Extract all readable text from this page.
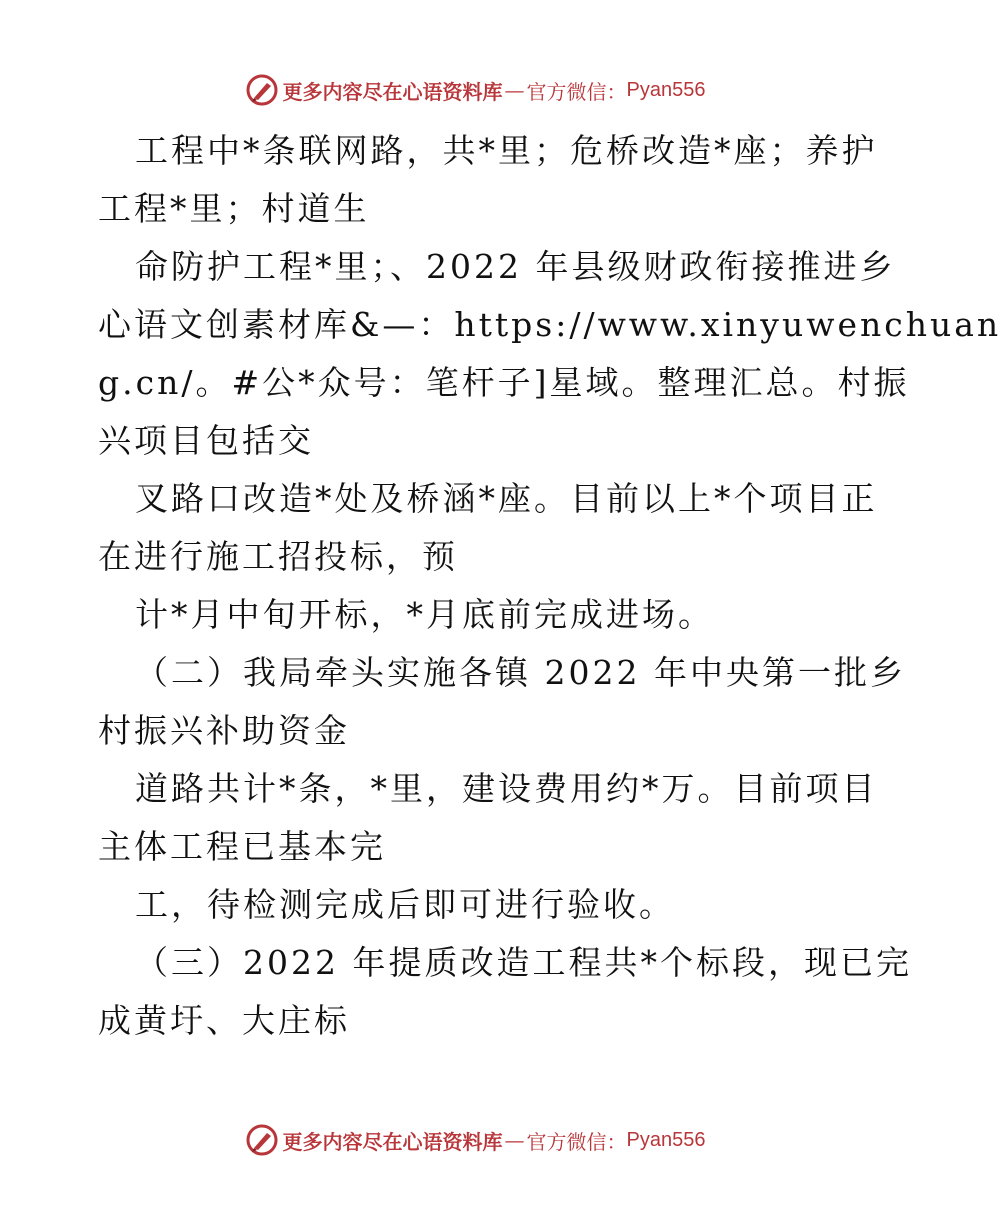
更多内容尽在心语资料库 — 官方微信： Pyan556
工程中*条联网路，共*里；危桥改造*座；养护
工程*里；村道生
命防护工程*里；、2022 年县级财政衔接推进乡
心语文创素材库&—：https://www.xinyuwenchuan
g.cn/。#公*众号：笔杆子]星域。整理汇总。村振
兴项目包括交
叉路口改造*处及桥涵*座。目前以上*个项目正
在进行施工招投标，预
计*月中旬开标，*月底前完成进场。
（二）我局牵头实施各镇 2022 年中央第一批乡
村振兴补助资金
道路共计*条，*里，建设费用约*万。目前项目
主体工程已基本完
工，待检测完成后即可进行验收。
（三）2022 年提质改造工程共*个标段，现已完
成黄圩、大庄标
更多内容尽在心语资料库 — 官方微信： Pyan556
